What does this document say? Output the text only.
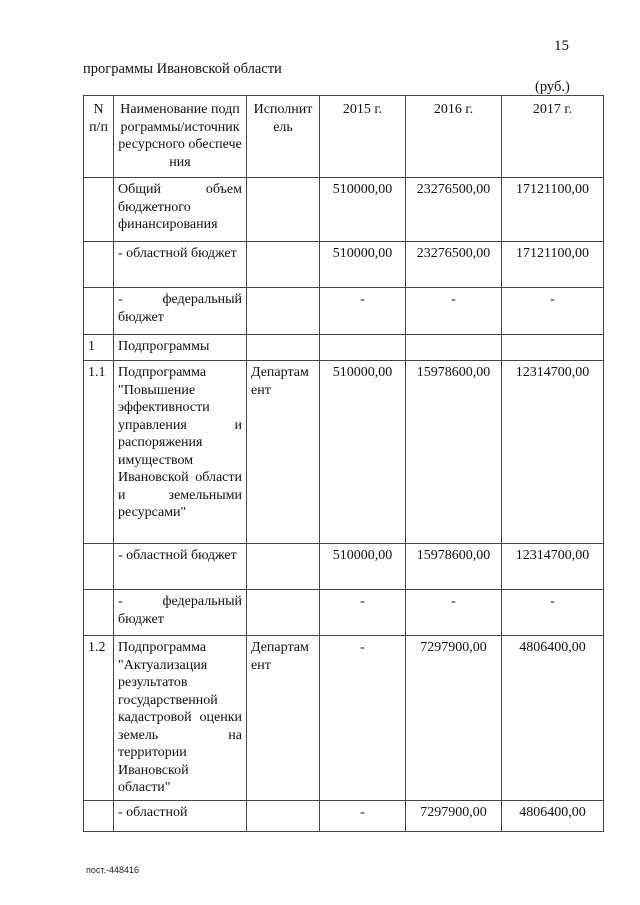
15
программы Ивановской области
(руб.)
N п/п	Наименование подпрограммы/источник ресурсного обеспечения	Исполнитель	2015 г.	2016 г.	2017 г.
	Общий объем бюджетного финансирования		510000,00	23276500,00	17121100,00
	- областной бюджет		510000,00	23276500,00	17121100,00
	- федеральный бюджет		-	-	-
1	Подпрограммы				
1.1	Подпрограмма "Повышение эффективности управления и распоряжения имуществом Ивановской области и земельными ресурсами"	Департамент	510000,00	15978600,00	12314700,00
	- областной бюджет		510000,00	15978600,00	12314700,00
	- федеральный бюджет		-	-	-
1.2	Подпрограмма "Актуализация результатов государственной кадастровой оценки земель на территории Ивановской области"	Департамент	-	7297900,00	4806400,00
	- областной		-	7297900,00	4806400,00
пост.-448416
